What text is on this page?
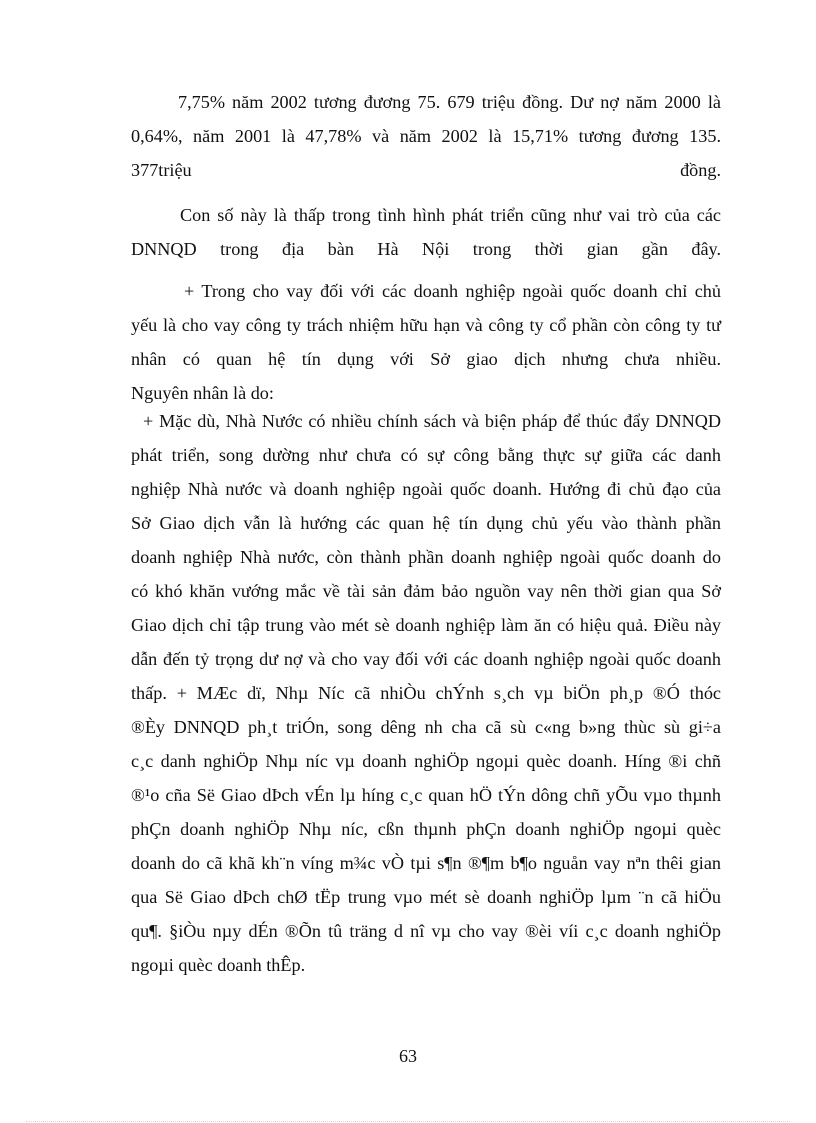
7,75% năm 2002 tương đương 75. 679 triệu đồng. Dư nợ năm 2000 là
0,64%, năm 2001 là 47,78% và năm 2002 là 15,71% tương đương 135.
377triệu	đồng.
Con số này là thấp trong tình hình phát triển cũng như vai trò của các
DNNQD trong địa bàn Hà Nội trong thời gian gần đây.
+ Trong cho vay đối với các doanh nghiệp ngoài quốc doanh chỉ chủ
yếu là cho vay công ty trách nhiệm hữu hạn và công ty cổ phần còn công ty tư
nhân có quan hệ tín dụng với Sở giao dịch nhưng chưa nhiều.
Nguyên nhân là do:
+ Mặc dù, Nhà Nước có nhiều chính sách và biện pháp để thúc đẩy DNNQD
phát triển, song dường như chưa có sự công bằng thực sự giữa các danh
nghiệp Nhà nước và doanh nghiệp ngoài quốc doanh. Hướng đi chủ đạo của
Sở Giao dịch vẫn là hướng các quan hệ tín dụng chủ yếu vào thành phần
doanh nghiệp Nhà nước, còn thành phần doanh nghiệp ngoài quốc doanh do
có khó khăn vướng mắc về tài sản đảm bảo nguồn vay nên thời gian qua Sở
Giao dịch chỉ tập trung vào mét sè doanh nghiệp làm ăn có hiệu quả. Điều này
dẫn đến tỷ trọng dư nợ và cho vay đối với các doanh nghiệp ngoài quốc doanh
thấp. + MÆc dï, Nhµ Níc cã nhiÒu chÝnh s¸ch vµ biÖn ph¸p ®Ó thóc
®Èy DNNQD ph¸t triÓn, song dêng nh cha cã sù c«ng b»ng thùc sù gi÷a
c¸c danh nghiÖp Nhµ níc vµ doanh nghiÖp ngoµi quèc doanh. Híng ®i chñ
®¹o cña Së Giao dÞch vÉn lµ híng c¸c quan hÖ tÝn dông chñ yÕu vµo thµnh
phÇn doanh nghiÖp Nhµ níc, cßn thµnh phÇn doanh nghiÖp ngoµi quèc
doanh do cã khã kh¨n víng m¾c vÒ tµi s¶n ®¶m b¶o nguån vay nªn thêi gian
qua Së Giao dÞch chØ tËp trung vµo mét sè doanh nghiÖp lµm ¨n cã hiÖu
qu¶. §iÒu nµy dÉn ®Õn tû träng d nî vµ cho vay ®èi víi c¸c doanh nghiÖp
ngoµi quèc doanh thÊp.
63
